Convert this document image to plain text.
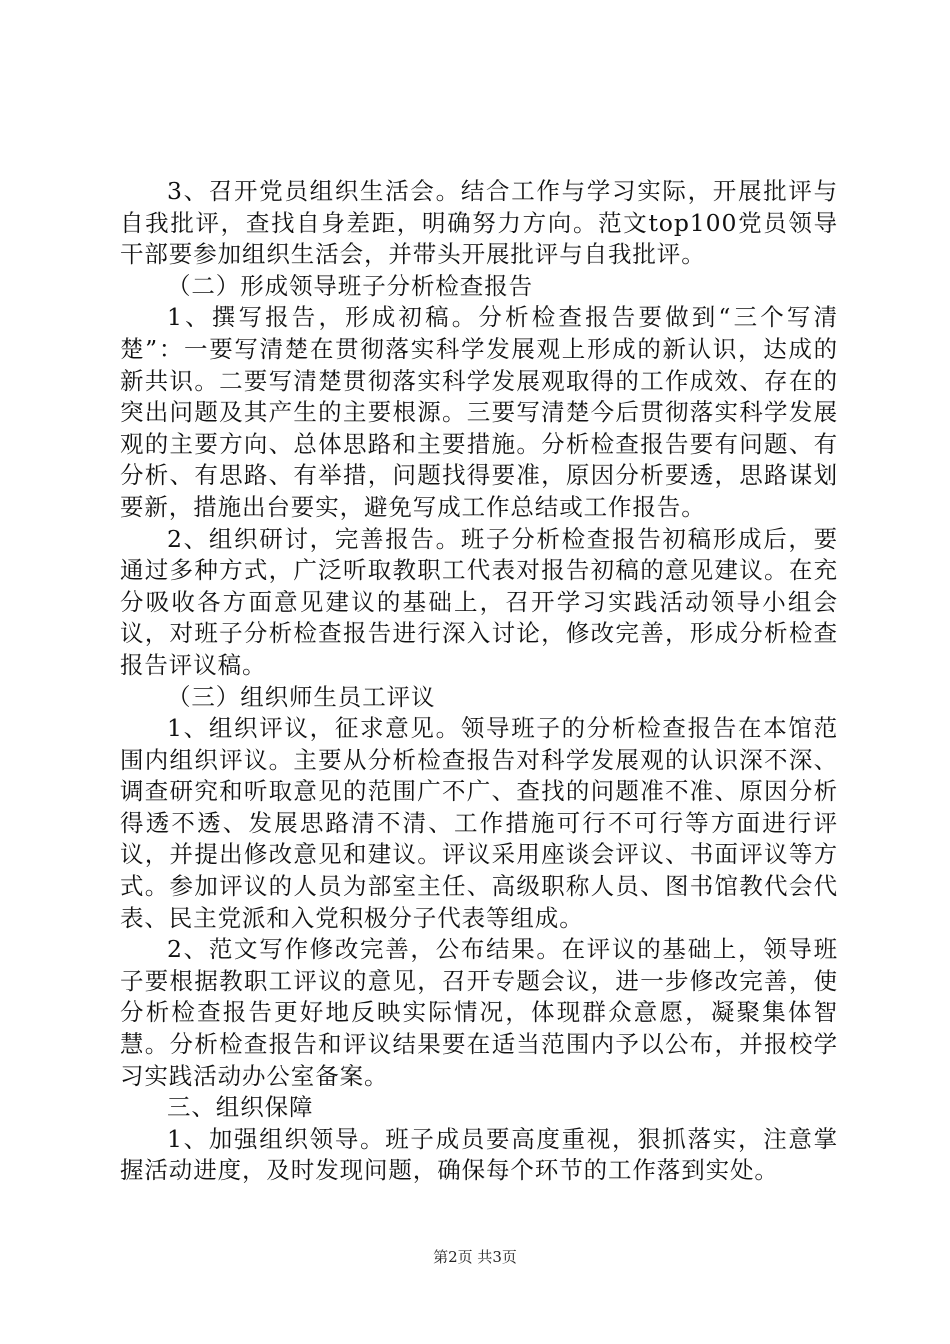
3、召开党员组织生活会。结合工作与学习实际，开展批评与自我批评，查找自身差距，明确努力方向。范文top100党员领导干部要参加组织生活会，并带头开展批评与自我批评。

（二）形成领导班子分析检查报告

1、撰写报告，形成初稿。分析检查报告要做到“三个写清楚”：一要写清楚在贯彻落实科学发展观上形成的新认识，达成的新共识。二要写清楚贯彻落实科学发展观取得的工作成效、存在的突出问题及其产生的主要根源。三要写清楚今后贯彻落实科学发展观的主要方向、总体思路和主要措施。分析检查报告要有问题、有分析、有思路、有举措，问题找得要准，原因分析要透，思路谋划要新，措施出台要实，避免写成工作总结或工作报告。

2、组织研讨，完善报告。班子分析检查报告初稿形成后，要通过多种方式，广泛听取教职工代表对报告初稿的意见建议。在充分吸收各方面意见建议的基础上，召开学习实践活动领导小组会议，对班子分析检查报告进行深入讨论，修改完善，形成分析检查报告评议稿。

（三）组织师生员工评议

1、组织评议，征求意见。领导班子的分析检查报告在本馆范围内组织评议。主要从分析检查报告对科学发展观的认识深不深、调查研究和听取意见的范围广不广、查找的问题准不准、原因分析得透不透、发展思路清不清、工作措施可行不可行等方面进行评议，并提出修改意见和建议。评议采用座谈会评议、书面评议等方式。参加评议的人员为部室主任、高级职称人员、图书馆教代会代表、民主党派和入党积极分子代表等组成。

2、范文写作修改完善，公布结果。在评议的基础上，领导班子要根据教职工评议的意见，召开专题会议，进一步修改完善，使分析检查报告更好地反映实际情况，体现群众意愿，凝聚集体智慧。分析检查报告和评议结果要在适当范围内予以公布，并报校学习实践活动办公室备案。

三、组织保障

1、加强组织领导。班子成员要高度重视，狠抓落实，注意掌握活动进度，及时发现问题，确保每个环节的工作落到实处。

第2页 共3页
